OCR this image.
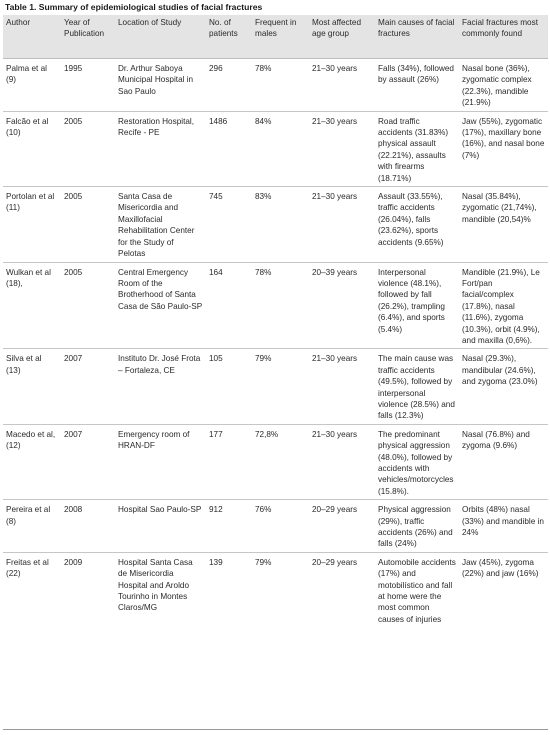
Table 1. Summary of epidemiological studies of facial fractures
Author	Year of Publication	Location of Study	No. of patients	Frequent in males	Most affected age group	Main causes of facial fractures	Facial fractures most commonly found
Palma et al (9)	1995	Dr. Arthur Saboya Municipal Hospital in Sao Paulo	296	78%	21–30 years	Falls (34%), followed by assault (26%)	Nasal bone (36%), zygomatic complex (22.3%), mandible (21.9%)
Falcão et al (10)	2005	Restoration Hospital, Recife - PE	1486	84%	21–30 years	Road traffic accidents (31.83%) physical assault (22.21%), assaults with firearms (18.71%)	Jaw (55%), zygomatic (17%), maxillary bone (16%), and nasal bone (7%)
Portolan et al (11)	2005	Santa Casa de Misericordia and Maxillofacial Rehabilitation Center for the Study of Pelotas	745	83%	21–30 years	Assault (33.55%), traffic accidents (26.04%), falls (23.62%), sports accidents (9.65%)	Nasal (35.84%), zygomatic (21,74%), mandible (20,54)%
Wulkan et al (18),	2005	Central Emergency Room of the Brotherhood of Santa Casa de São Paulo-SP	164	78%	20–39 years	Interpersonal violence (48.1%), followed by fall (26.2%), trampling (6.4%), and sports (5.4%)	Mandible (21.9%), Le Fort/pan facial/complex (17.8%), nasal (11.6%), zygoma (10.3%), orbit (4.9%), and maxilla (0,6%).
Silva et al (13)	2007	Instituto Dr. José Frota – Fortaleza, CE	105	79%	21–30 years	The main cause was traffic accidents (49.5%), followed by interpersonal violence (28.5%) and falls (12.3%)	Nasal (29.3%), mandibular (24.6%), and zygoma (23.0%)
Macedo et al, (12)	2007	Emergency room of HRAN-DF	177	72,8%	21–30 years	The predominant physical aggression (48.0%), followed by accidents with vehicles/motorcycles (15.8%).	Nasal (76.8%) and zygoma (9.6%)
Pereira et al (8)	2008	Hospital Sao Paulo-SP	912	76%	20–29 years	Physical aggression (29%), traffic accidents (26%) and falls (24%)	Orbits (48%) nasal (33%) and mandible in 24%
Freitas et al (22)	2009	Hospital Santa Casa de Misericordia Hospital and Aroldo Tourinho in Montes Claros/MG	139	79%	20–29 years	Automobile accidents (17%) and motobilístico and fall at home were the most common causes of injuries	Jaw (45%), zygoma (22%) and jaw (16%)
